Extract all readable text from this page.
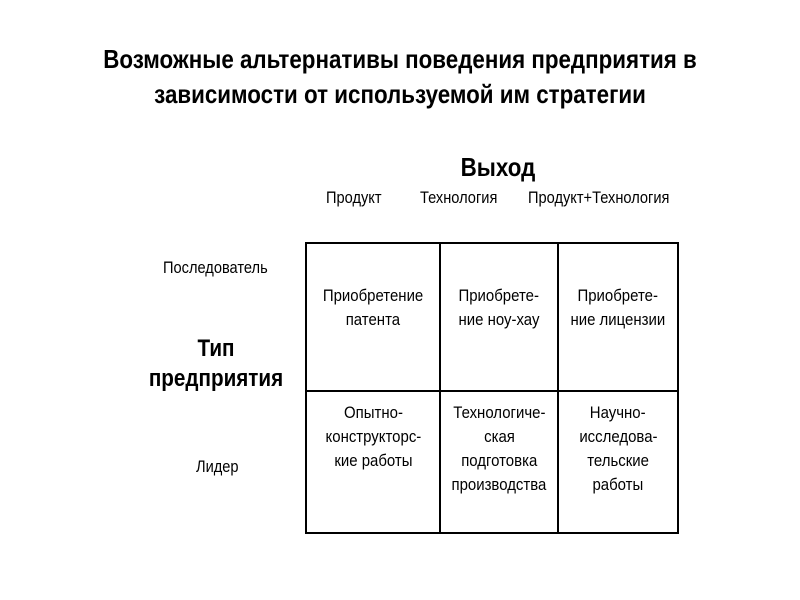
Возможные альтернативы поведения предприятия в
зависимости от используемой им стратегии
Выход
Продукт Технология Продукт+Технология
Последователь
Лидер
Тип
предприятия
Приобретение
патента
Приобрете-
ние ноу-хау
Приобрете-
ние лицензии
Опытно-
конструкторс-
кие работы
Технологиче-
ская
подготовка
производства
Научно-
исследова-
тельские
работы
